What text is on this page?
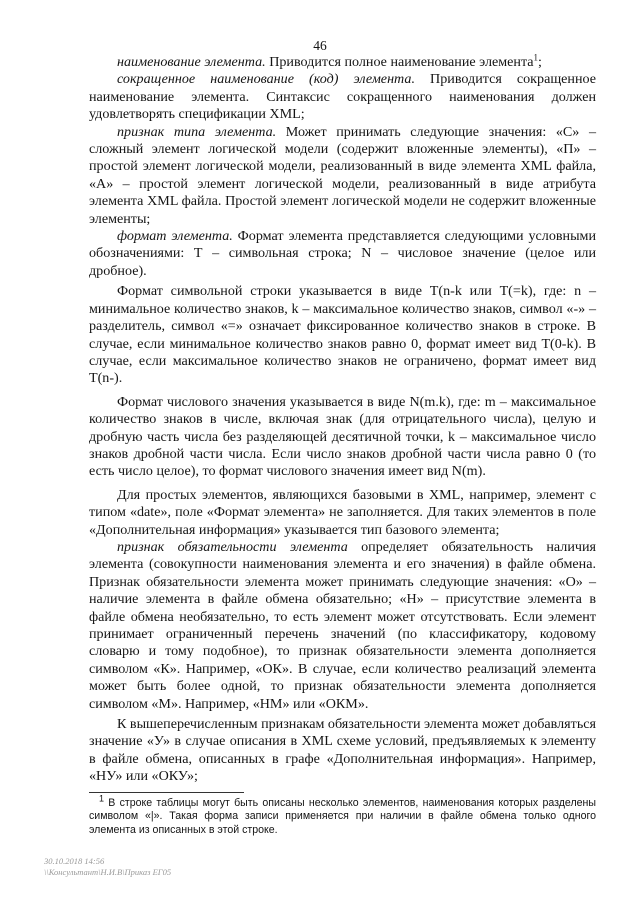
46

наименование элемента. Приводится полное наименование элемента$^1$;

сокращенное наименование (код) элемента. Приводится сокращенное наименование элемента. Синтаксис сокращенного наименования должен удовлетворять спецификации XML;

признак типа элемента. Может принимать следующие значения: «С» – сложный элемент логической модели (содержит вложенные элементы), «П» – простой элемент логической модели, реализованный в виде элемента XML файла, «А» – простой элемент логической модели, реализованный в виде атрибута элемента XML файла. Простой элемент логической модели не содержит вложенные элементы;

формат элемента. Формат элемента представляется следующими условными обозначениями: Т – символьная строка; N – числовое значение (целое или дробное).

Формат символьной строки указывается в виде Т(n-k или Т(=k), где: n – минимальное количество знаков, k – максимальное количество знаков, символ «-» – разделитель, символ «=» означает фиксированное количество знаков в строке. В случае, если минимальное количество знаков равно 0, формат имеет вид Т(0-k). В случае, если максимальное количество знаков не ограничено, формат имеет вид Т(n-).

Формат числового значения указывается в виде N(m.k), где: m – максимальное количество знаков в числе, включая знак (для отрицательного числа), целую и дробную часть числа без разделяющей десятичной точки, k – максимальное число знаков дробной части числа. Если число знаков дробной части числа равно 0 (то есть число целое), то формат числового значения имеет вид N(m).

Для простых элементов, являющихся базовыми в XML, например, элемент с типом «date», поле «Формат элемента» не заполняется. Для таких элементов в поле «Дополнительная информация» указывается тип базового элемента;

признак обязательности элемента определяет обязательность наличия элемента (совокупности наименования элемента и его значения) в файле обмена. Признак обязательности элемента может принимать следующие значения: «О» – наличие элемента в файле обмена обязательно; «Н» – присутствие элемента в файле обмена необязательно, то есть элемент может отсутствовать. Если элемент принимает ограниченный перечень значений (по классификатору, кодовому словарю и тому подобное), то признак обязательности элемента дополняется символом «К». Например, «ОК». В случае, если количество реализаций элемента может быть более одной, то признак обязательности элемента дополняется символом «М». Например, «НМ» или «ОКМ».

К вышеперечисленным признакам обязательности элемента может добавляться значение «У» в случае описания в XML схеме условий, предъявляемых к элементу в файле обмена, описанных в графе «Дополнительная информация». Например, «НУ» или «ОКУ»;

$^1$ В строке таблицы могут быть описаны несколько элементов, наименования которых разделены символом «|». Такая форма записи применяется при наличии в файле обмена только одного элемента из описанных в этой строке.

30.10.2018 14:56
\\Консультант\Н.И.В\Приказ ЕГ05
